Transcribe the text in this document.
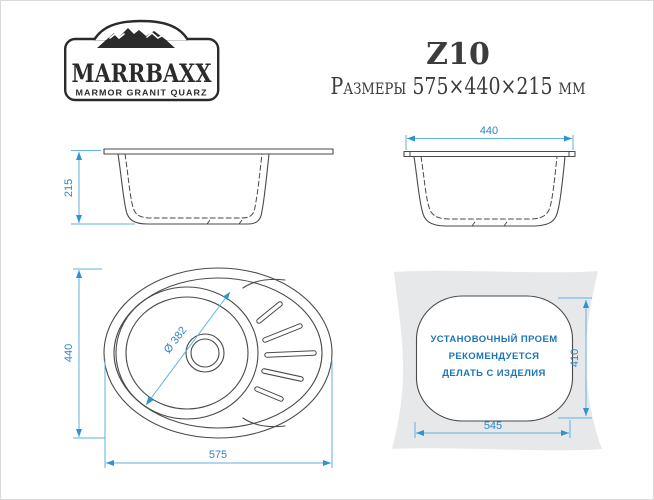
MARRBAXX
MARMOR GRANIT QUARZ
Z10
Размеры 575×440×215 мм
215
440
Ø 382
440
575
УСТАНОВОЧНЫЙ ПРОЕМ
РЕКОМЕНДУЕТСЯ
ДЕЛАТЬ С ИЗДЕЛИЯ
410
545
